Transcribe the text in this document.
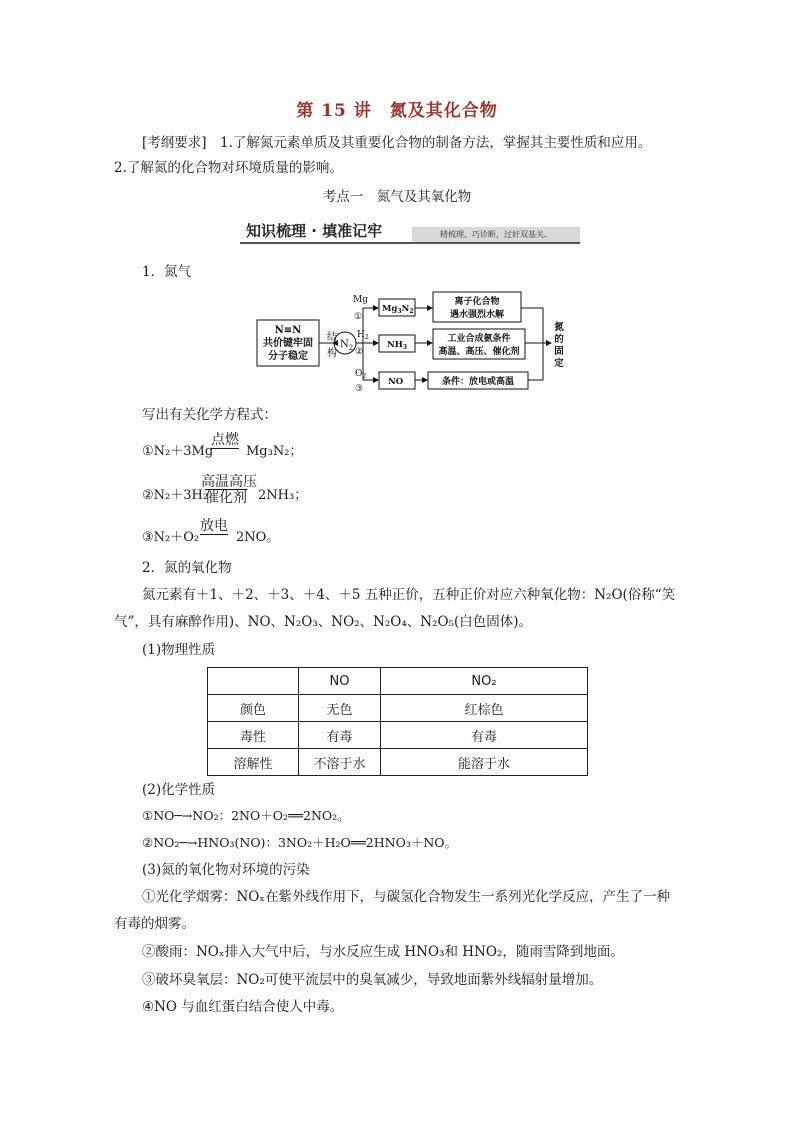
第 15 讲　氮及其化合物
[考纲要求]　 1.了解氮元素单质及其重要化合物的制备方法，掌握其主要性质和应用。
2.了解氮的化合物对环境质量的影响。
考点一　氮气及其氧化物
知识梳理 · 填准记牢	精梳理、巧诊断，过好双基关。
1．氮气
N≡N
共价键牢固
分子稳定
结
构
$N_2$
Mg
①
$H_2$
②
$O_2$
③
$Mg_3N_2$
$NH_3$
NO
离子化合物
遇水强烈水解
工业合成氨条件
高温、高压、催化剂
条件：放电或高温
氮
的
固
定
写出有关化学方程式：
①N₂＋3Mg
点燃
Mg₃N₂；
②N₂＋3H₂
高温高压
催化剂 2NH₃；
③N₂＋O₂
放电
2NO。
2．氮的氧化物
氮元素有＋1、＋2、＋3、＋4、＋5 五种正价，五种正价对应六种氧化物：N₂O(俗称“笑
气”，具有麻醉作用)、NO、N₂O₃、NO₂、N₂O₄、N₂O₅(白色固体)。
(1)物理性质
	NO	NO₂
颜色	无色	红棕色
毒性	有毒	有毒
溶解性	不溶于水	能溶于水
(2)化学性质
①NO─→NO₂：2NO＋O₂══2NO₂。
②NO₂─→HNO₃(NO)：3NO₂＋H₂O══2HNO₃＋NO。
(3)氮的氧化物对环境的污染
①光化学烟雾：NOₓ在紫外线作用下，与碳氢化合物发生一系列光化学反应，产生了一种
有毒的烟雾。
②酸雨：NOₓ排入大气中后，与水反应生成 HNO₃和 HNO₂，随雨雪降到地面。
③破坏臭氧层：NO₂可使平流层中的臭氧减少，导致地面紫外线辐射量增加。
④NO 与血红蛋白结合使人中毒。
